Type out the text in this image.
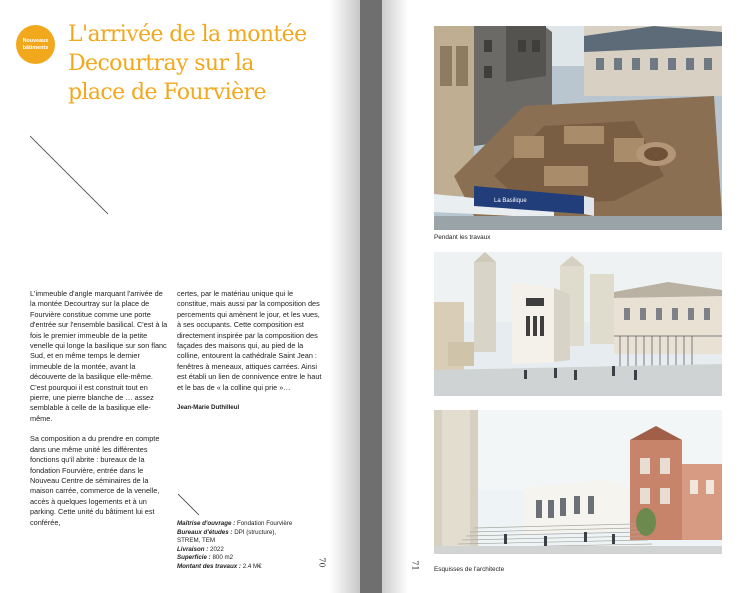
Nouveaux
bâtiments
L'arrivée de la montée
Decourtray sur la
place de Fourvière

L'immeuble d'angle marquant l'arrivée de la montée Decourtray sur la place de Fourvière constitue comme une porte d'entrée sur l'ensemble basilical. C'est à la fois le premier immeuble de la petite venelle qui longe la basilique sur son flanc Sud, et en même temps le dernier immeuble de la montée, avant la découverte de la basilique elle-même. C'est pourquoi il est construit tout en pierre, une pierre blanche de … assez semblable à celle de la basilique elle-même.

Sa composition a du prendre en compte dans une même unité les différentes fonctions qu'il abrite : bureaux de la fondation Fourvière, entrée dans le Nouveau Centre de séminaires de la maison carrée, commerce de la venelle, accès à quelques logements et à un parking. Cette unité du bâtiment lui est conférée,

certes, par le matériau unique qui le constitue, mais aussi par la composition des percements qui amènent le jour, et les vues, à ses occupants. Cette composition est directement inspirée par la composition des façades des maisons qui, au pied de la colline, entourent la cathédrale Saint Jean : fenêtres à meneaux, attiques carrées. Ainsi est établi un lien de connivence entre le haut et le bas de « la colline qui prie »…

Jean-Marie Duthilleul
Maîtrise d'ouvrage : Fondation Fourvière
Bureaux d'études : DPI (structure),
STREM, TEM
Livraison : 2022
Superficie : 800 m2
Montant des travaux : 2.4 M€	70
La Basilique
Pendant les travaux
Esquisses de l'architecte
71
